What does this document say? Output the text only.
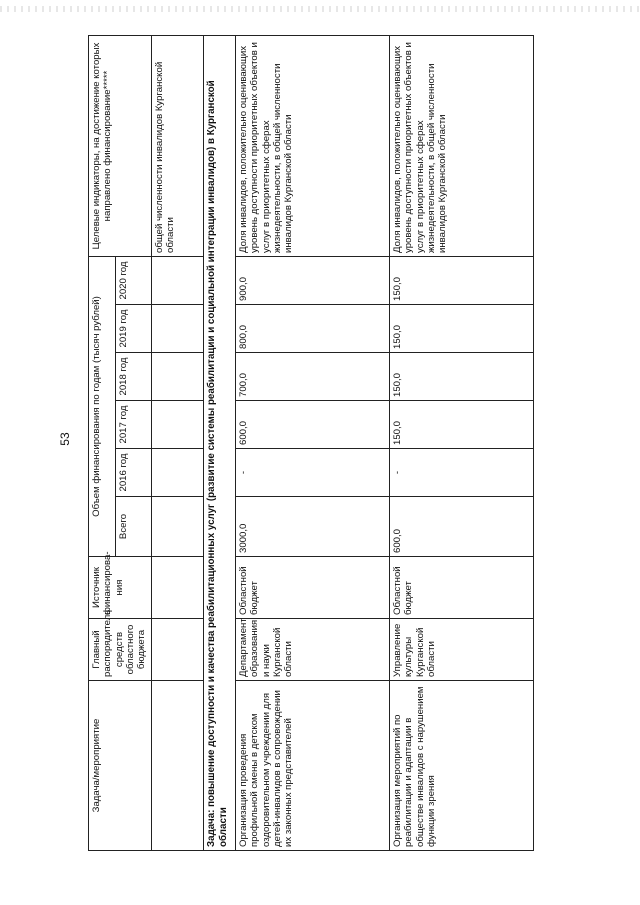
53
Задача/мероприятие	Главный распорядитель средств областного бюджета	Источник финансирова-ния	Объем финансирования по годам (тысяч рублей)						Целевые индикаторы, на достижение которых направлено финансирование*****
			Всего	2016 год	2017 год	2018 год	2019 год	2020 год	
									общей численности инвалидов Курганской области
Задача: повышение доступности и качества реабилитационных услуг (развитие системы реабилитации и социальной интеграции инвалидов) в Курганской области									
Организация проведения профильной смены в детском оздоровительном учреждении для детей-инвалидов в сопровождении их законных представителей	Департамент образования и науки Курганской области	Областной бюджет	3000,0	-	600,0	700,0	800,0	900,0	Доля инвалидов, положительно оценивающих уровень доступности приоритетных объектов и услуг в приоритетных сферах жизнедеятельности, в общей численности инвалидов Курганской области
Организация мероприятий по реабилитации и адаптации в обществе инвалидов с нарушением функции зрения	Управление культуры Курганской области	Областной бюджет	600,0	-	150,0	150,0	150,0	150,0	Доля инвалидов, положительно оценивающих уровень доступности приоритетных объектов и услуг в приоритетных сферах жизнедеятельности, в общей численности инвалидов Курганской области
